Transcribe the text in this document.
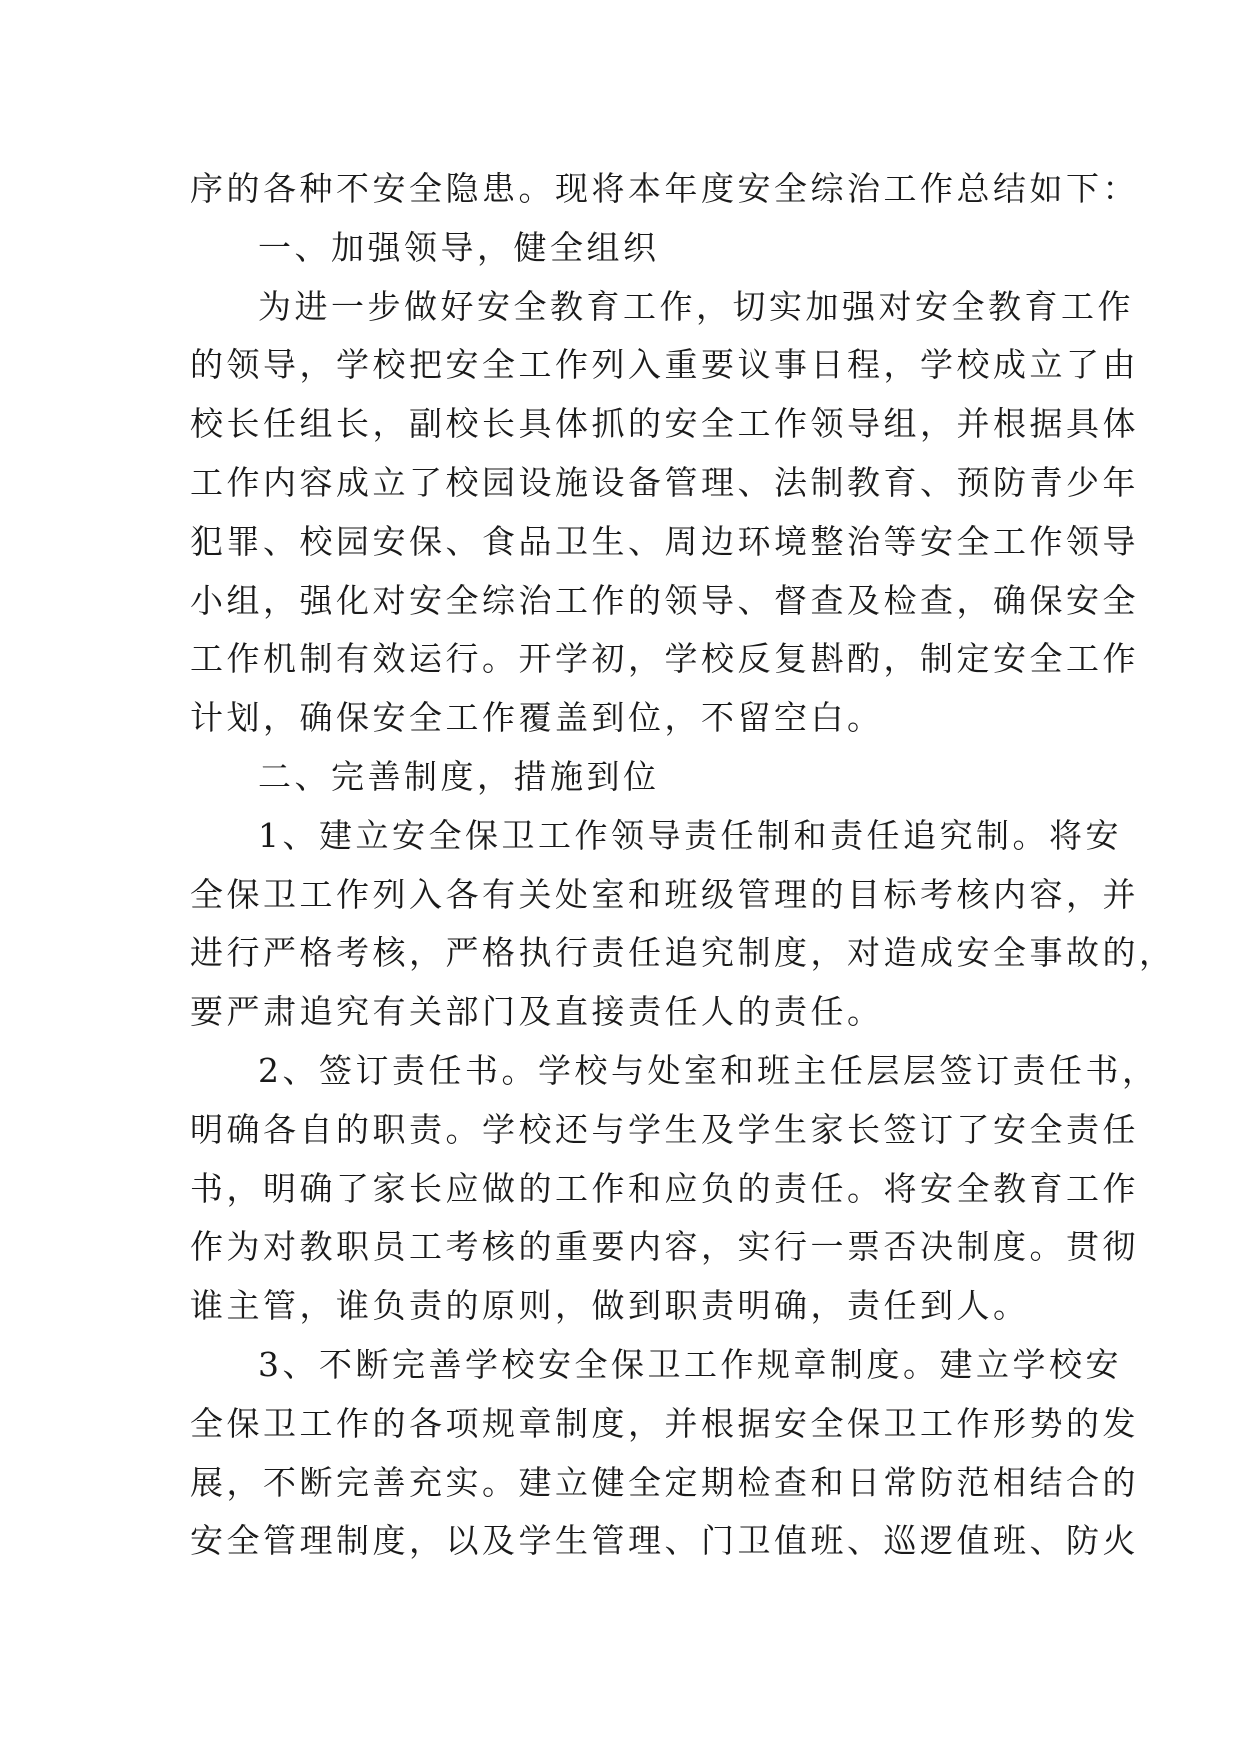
序的各种不安全隐患。现将本年度安全综治工作总结如下：
一、加强领导，健全组织
为进一步做好安全教育工作，切实加强对安全教育工作
的领导，学校把安全工作列入重要议事日程，学校成立了由
校长任组长，副校长具体抓的安全工作领导组，并根据具体
工作内容成立了校园设施设备管理、法制教育、预防青少年
犯罪、校园安保、食品卫生、周边环境整治等安全工作领导
小组，强化对安全综治工作的领导、督查及检查，确保安全
工作机制有效运行。开学初，学校反复斟酌，制定安全工作
计划，确保安全工作覆盖到位，不留空白。
二、完善制度，措施到位
1、建立安全保卫工作领导责任制和责任追究制。将安
全保卫工作列入各有关处室和班级管理的目标考核内容，并
进行严格考核，严格执行责任追究制度，对造成安全事故的，
要严肃追究有关部门及直接责任人的责任。
2、签订责任书。学校与处室和班主任层层签订责任书，
明确各自的职责。学校还与学生及学生家长签订了安全责任
书，明确了家长应做的工作和应负的责任。将安全教育工作
作为对教职员工考核的重要内容，实行一票否决制度。贯彻
谁主管，谁负责的原则，做到职责明确，责任到人。
3、不断完善学校安全保卫工作规章制度。建立学校安
全保卫工作的各项规章制度，并根据安全保卫工作形势的发
展，不断完善充实。建立健全定期检查和日常防范相结合的
安全管理制度，以及学生管理、门卫值班、巡逻值班、防火
